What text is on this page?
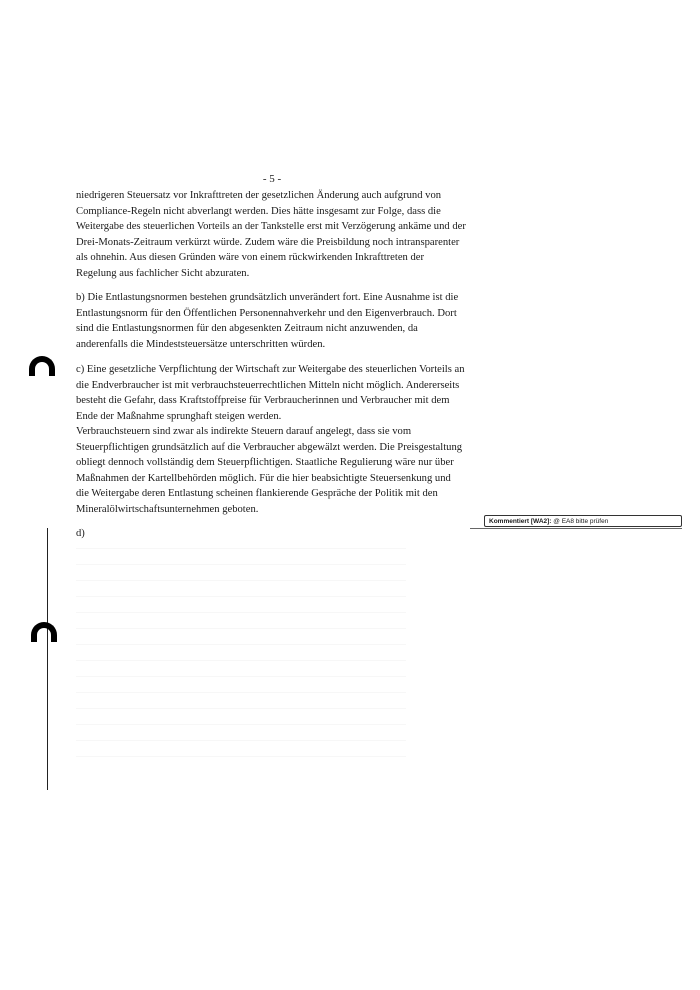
- 5 -

niedrigeren Steuersatz vor Inkrafttreten der gesetzlichen Änderung auch aufgrund von Compliance-Regeln nicht abverlangt werden. Dies hätte insgesamt zur Folge, dass die Weitergabe des steuerlichen Vorteils an der Tankstelle erst mit Verzögerung ankäme und der Drei-Monats-Zeitraum verkürzt würde. Zudem wäre die Preisbildung noch intransparenter als ohnehin. Aus diesen Gründen wäre von einem rückwirkenden Inkrafttreten der Regelung aus fachlicher Sicht abzuraten.

b) Die Entlastungsnormen bestehen grundsätzlich unverändert fort. Eine Ausnahme ist die Entlastungsnorm für den Öffentlichen Personennahverkehr und den Eigenverbrauch. Dort sind die Entlastungsnormen für den abgesenkten Zeitraum nicht anzuwenden, da anderenfalls die Mindeststeuersätze unterschritten würden.

c) Eine gesetzliche Verpflichtung der Wirtschaft zur Weitergabe des steuerlichen Vorteils an die Endverbraucher ist mit verbrauchsteuerrechtlichen Mitteln nicht möglich. Andererseits besteht die Gefahr, dass Kraftstoffpreise für Verbraucherinnen und Verbraucher mit dem Ende der Maßnahme sprunghaft steigen werden.

Verbrauchsteuern sind zwar als indirekte Steuern darauf angelegt, dass sie vom Steuerpflichtigen grundsätzlich auf die Verbraucher abgewälzt werden. Die Preisgestaltung obliegt dennoch vollständig dem Steuerpflichtigen. Staatliche Regulierung wäre nur über Maßnahmen der Kartellbehörden möglich. Für die hier beabsichtigte Steuersenkung und die Weitergabe deren Entlastung scheinen flankierende Gespräche der Politik mit den Mineralölwirtschaftsunternehmen geboten.

d)

Kommentiert [WA2]: @ EA8 bitte prüfen
